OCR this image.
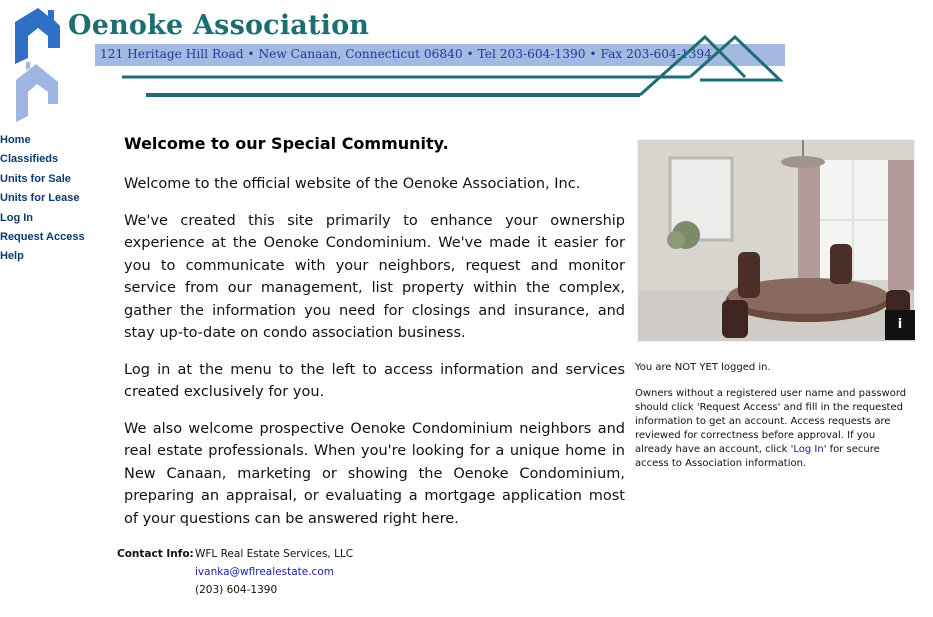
Oenoke Association
121 Heritage Hill Road • New Canaan, Connecticut 06840 • Tel 203-604-1390 • Fax 203-604-1394
Home
Classifieds
Units for Sale
Units for Lease
Log In
Request Access
Help
Welcome to our Special Community.

Welcome to the official website of the Oenoke Association, Inc.

We've created this site primarily to enhance your ownership experience at the Oenoke Condominium. We've made it easier for you to communicate with your neighbors, request and monitor service from our management, list property within the complex, gather the information you need for closings and insurance, and stay up-to-date on condo association business.

Log in at the menu to the left to access information and services created exclusively for you.

We also welcome prospective Oenoke Condominium neighbors and real estate professionals. When you're looking for a unique home in New Canaan, marketing or showing the Oenoke Condominium, preparing an appraisal, or evaluating a mortgage application most of your questions can be answered right here.

i

You are NOT YET logged in.

Owners without a registered user name and password should click 'Request Access' and fill in the requested information to get an account. Access requests are reviewed for correctness before approval. If you already have an account, click 'Log In' for secure access to Association information.

Contact Info: WFL Real Estate Services, LLC
ivanka@wflrealestate.com
(203) 604-1390
